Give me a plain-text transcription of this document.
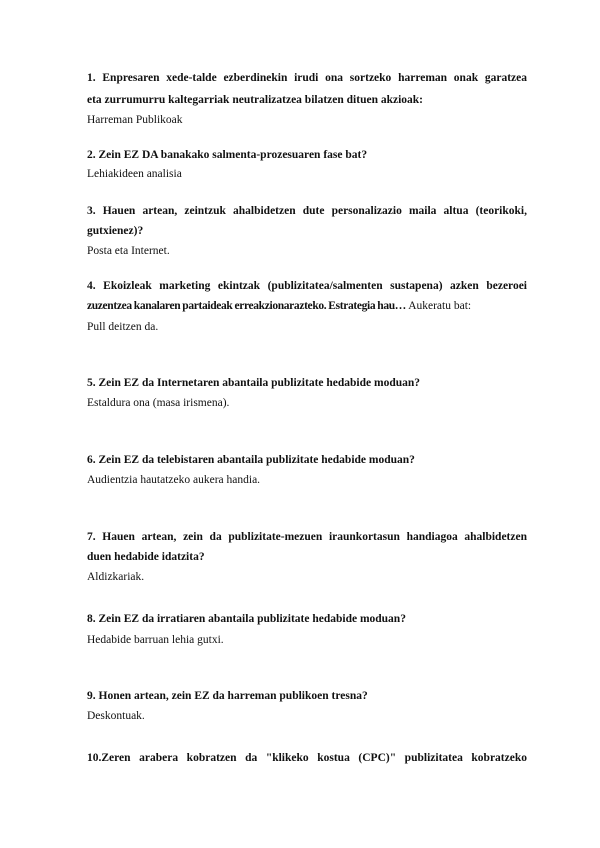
1. Enpresaren xede-talde ezberdinekin irudi ona sortzeko harreman onak garatzea
eta zurrumurru kaltegarriak neutralizatzea bilatzen dituen akzioak:
Harreman Publikoak
2. Zein EZ DA banakako salmenta-prozesuaren fase bat?
Lehiakideen analisia
3. Hauen artean, zeintzuk ahalbidetzen dute personalizazio maila altua (teorikoki,
gutxienez)?
Posta eta Internet.
4. Ekoizleak marketing ekintzak (publizitatea/salmenten sustapena) azken bezeroei
zuzentzea kanalaren partaideak erreakzionarazteko. Estrategia hau… Aukeratu bat:
Pull deitzen da.
5. Zein EZ da Internetaren abantaila publizitate hedabide moduan?
Estaldura ona (masa irismena).
6. Zein EZ da telebistaren abantaila publizitate hedabide moduan?
Audientzia hautatzeko aukera handia.
7. Hauen artean, zein da publizitate-mezuen iraunkortasun handiagoa ahalbidetzen
duen hedabide idatzita?
Aldizkariak.
8. Zein EZ da irratiaren abantaila publizitate hedabide moduan?
Hedabide barruan lehia gutxi.
9. Honen artean, zein EZ da harreman publikoen tresna?
Deskontuak.
10.Zeren arabera kobratzen da "klikeko kostua (CPC)" publizitatea kobratzeko
